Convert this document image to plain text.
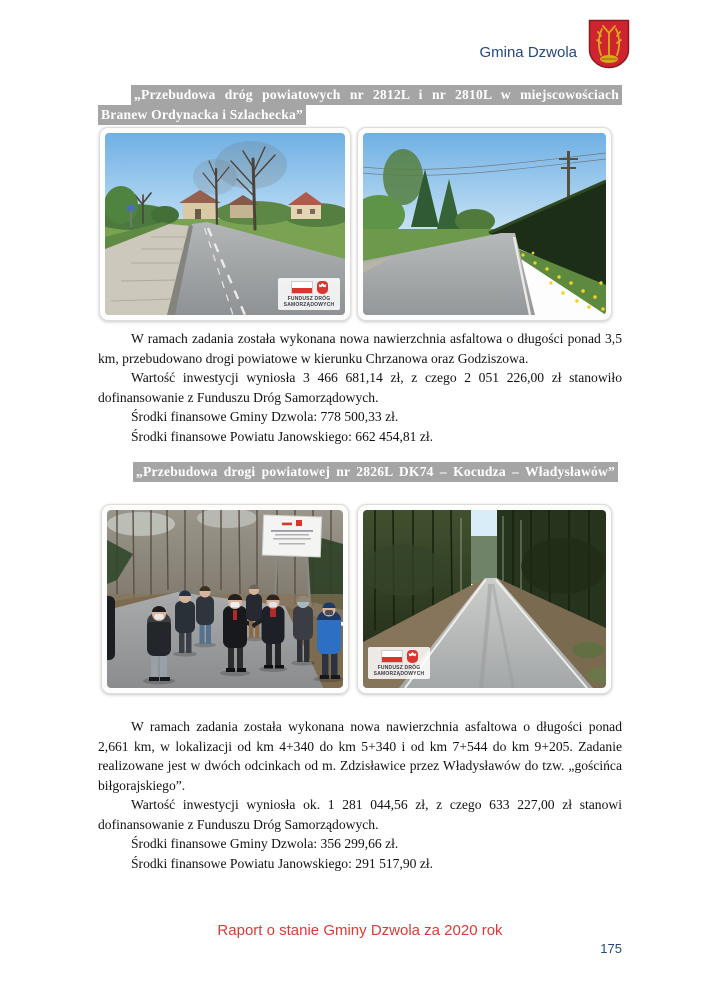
Gmina Dzwola
„Przebudowa dróg powiatowych nr 2812L i nr 2810L w miejscowościach
Branew Ordynacka i Szlachecka”
FUNDUSZ DRÓG
SAMORZĄDOWYCH

W ramach zadania została wykonana nowa nawierzchnia asfaltowa o długości ponad 3,5 km, przebudowano drogi powiatowe w kierunku Chrzanowa oraz Godziszowa.

Wartość inwestycji wyniosła 3 466 681,14 zł, z czego 2 051 226,00 zł stanowiło dofinansowanie z Funduszu Dróg Samorządowych.

Środki finansowe Gminy Dzwola: 778 500,33 zł.

Środki finansowe Powiatu Janowskiego: 662 454,81 zł.

„Przebudowa drogi powiatowej nr 2826L DK74 – Kocudza – Władysławów”
FUNDUSZ DRÓG
SAMORZĄDOWYCH

W ramach zadania została wykonana nowa nawierzchnia asfaltowa o długości ponad 2,661 km, w lokalizacji od km 4+340 do km 5+340 i od km 7+544 do km 9+205. Zadanie realizowane jest w dwóch odcinkach od m. Zdzisławice przez Władysławów do tzw. „gościńca biłgorajskiego”.

Wartość inwestycji wyniosła ok. 1 281 044,56 zł, z czego 633 227,00 zł stanowi dofinansowanie z Funduszu Dróg Samorządowych.

Środki finansowe Gminy Dzwola: 356 299,66 zł.

Środki finansowe Powiatu Janowskiego: 291 517,90 zł.

Raport o stanie Gminy Dzwola za 2020 rok
175
